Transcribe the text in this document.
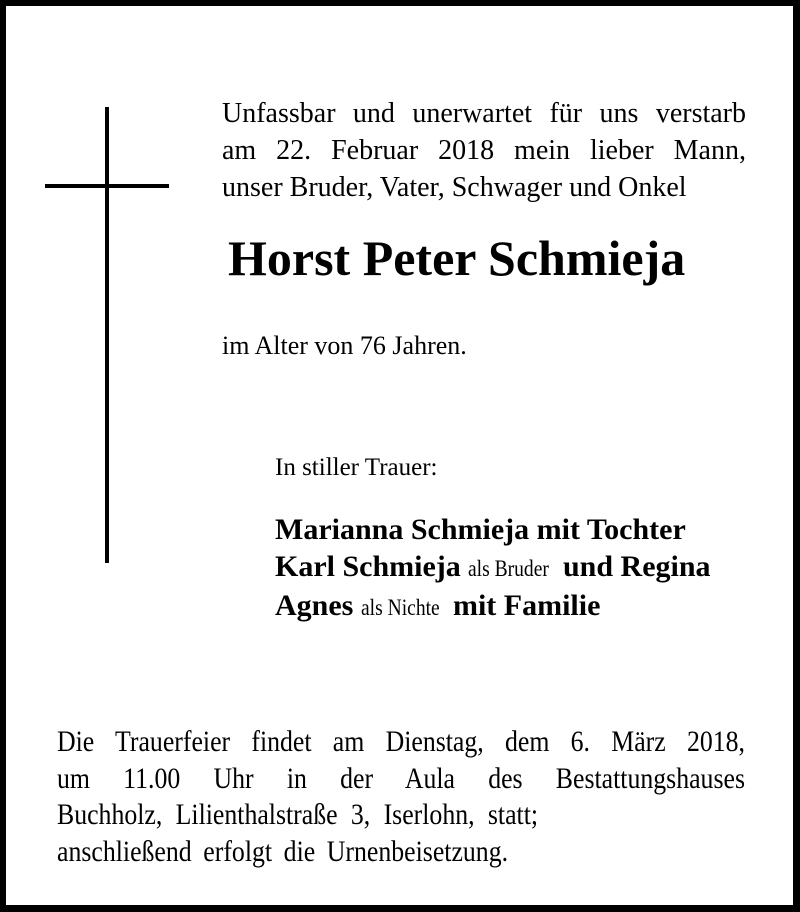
Unfassbar und unerwartet für uns verstarb
am 22. Februar 2018 mein lieber Mann,
unser Bruder, Vater, Schwager und Onkel
Horst Peter Schmieja
im Alter von 76 Jahren.
In stiller Trauer:
Marianna Schmieja mit Tochter
Karl Schmieja als Bruder und Regina
Agnes als Nichte mit Familie
Die Trauerfeier findet am Dienstag, dem 6. März 2018,
um 11.00 Uhr in der Aula des Bestattungshauses
Buchholz, Lilienthalstraße 3, Iserlohn, statt;
anschließend erfolgt die Urnenbeisetzung.
